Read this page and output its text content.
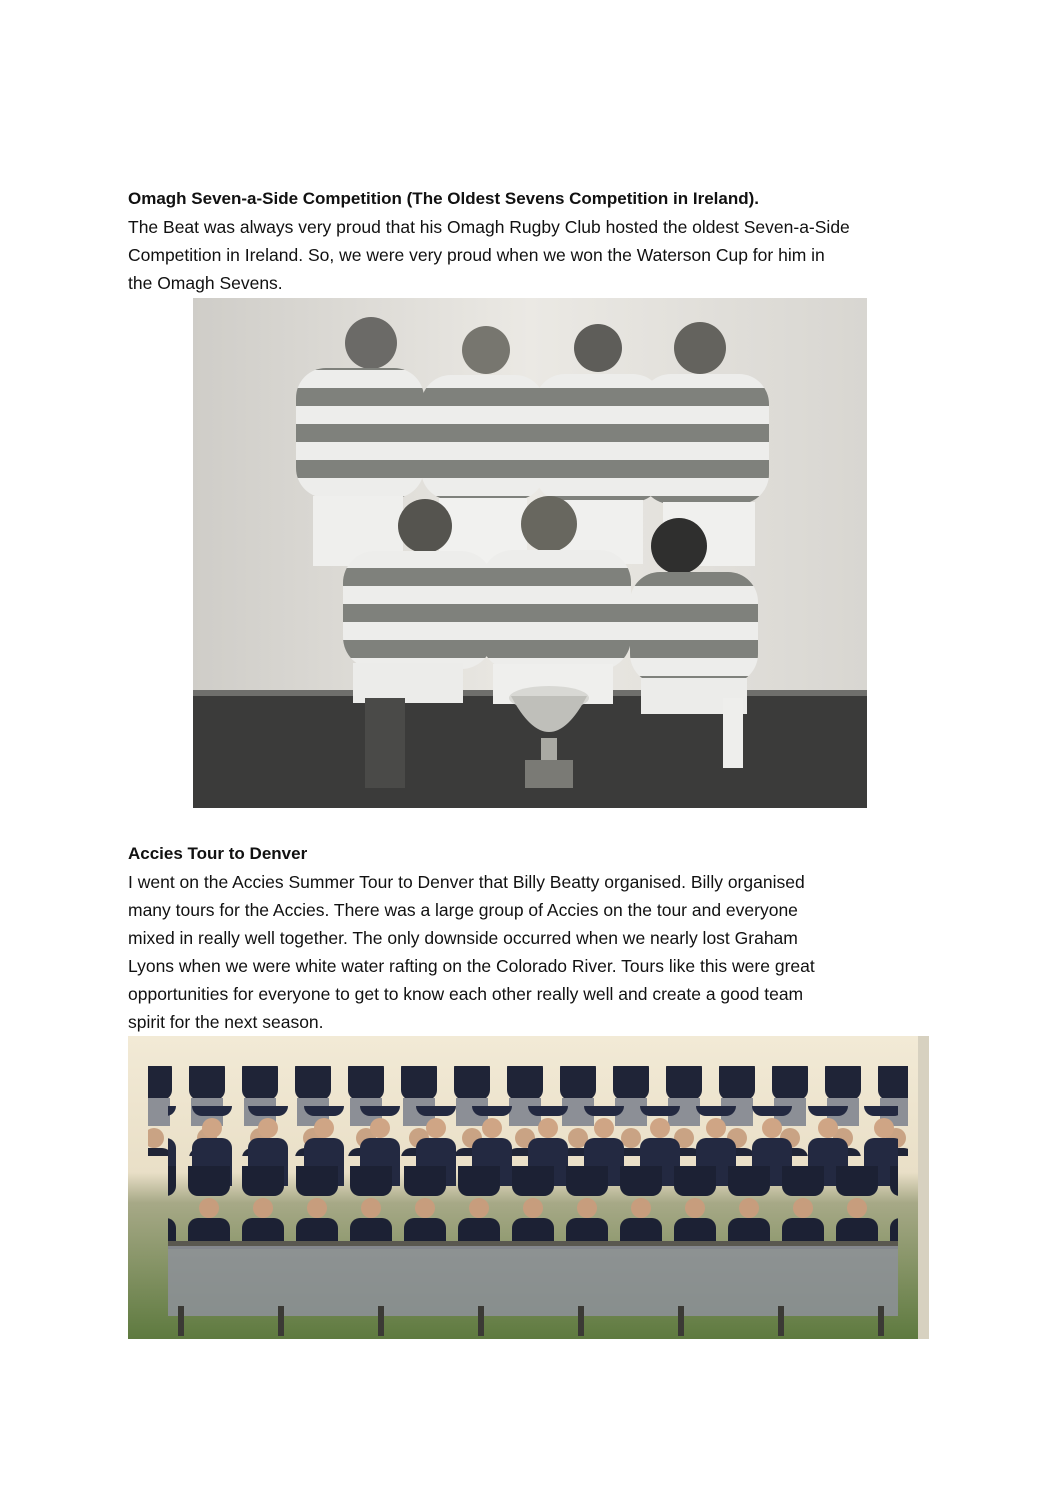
Omagh Seven-a-Side Competition (The Oldest Sevens Competition in Ireland).
The Beat was always very proud that his Omagh Rugby Club hosted the oldest Seven-a-Side
Competition in Ireland. So, we were very proud when we won the Waterson Cup for him in
the Omagh Sevens.
Accies Tour to Denver
I went on the Accies Summer Tour to Denver that Billy Beatty organised. Billy organised
many tours for the Accies. There was a large group of Accies on the tour and everyone
mixed in really well together. The only downside occurred when we nearly lost Graham
Lyons when we were white water rafting on the Colorado River. Tours like this were great
opportunities for everyone to get to know each other really well and create a good team
spirit for the next season.
